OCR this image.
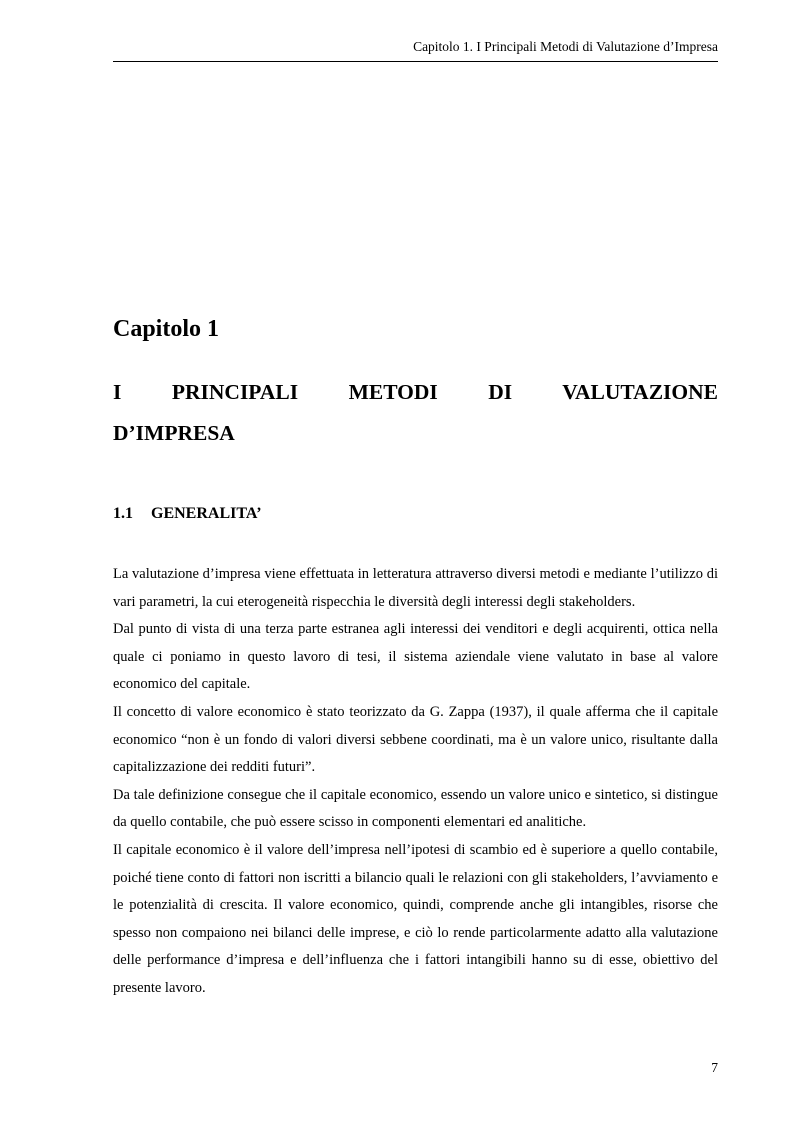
Capitolo 1. I Principali Metodi di Valutazione d’Impresa
Capitolo 1
I PRINCIPALI METODI DI VALUTAZIONE
D’IMPRESA
1.1 GENERALITA’

La valutazione d’impresa viene effettuata in letteratura attraverso diversi metodi e mediante l’utilizzo di vari parametri, la cui eterogeneità rispecchia le diversità degli interessi degli stakeholders.

Dal punto di vista di una terza parte estranea agli interessi dei venditori e degli acquirenti, ottica nella quale ci poniamo in questo lavoro di tesi, il sistema aziendale viene valutato in base al valore economico del capitale.

Il concetto di valore economico è stato teorizzato da G. Zappa (1937), il quale afferma che il capitale economico “non è un fondo di valori diversi sebbene coordinati, ma è un valore unico, risultante dalla capitalizzazione dei redditi futuri”.

Da tale definizione consegue che il capitale economico, essendo un valore unico e sintetico, si distingue da quello contabile, che può essere scisso in componenti elementari ed analitiche.

Il capitale economico è il valore dell’impresa nell’ipotesi di scambio ed è superiore a quello contabile, poiché tiene conto di fattori non iscritti a bilancio quali le relazioni con gli stakeholders, l’avviamento e le potenzialità di crescita. Il valore economico, quindi, comprende anche gli intangibles, risorse che spesso non compaiono nei bilanci delle imprese, e ciò lo rende particolarmente adatto alla valutazione delle performance d’impresa e dell’influenza che i fattori intangibili hanno su di esse, obiettivo del presente lavoro.

7
